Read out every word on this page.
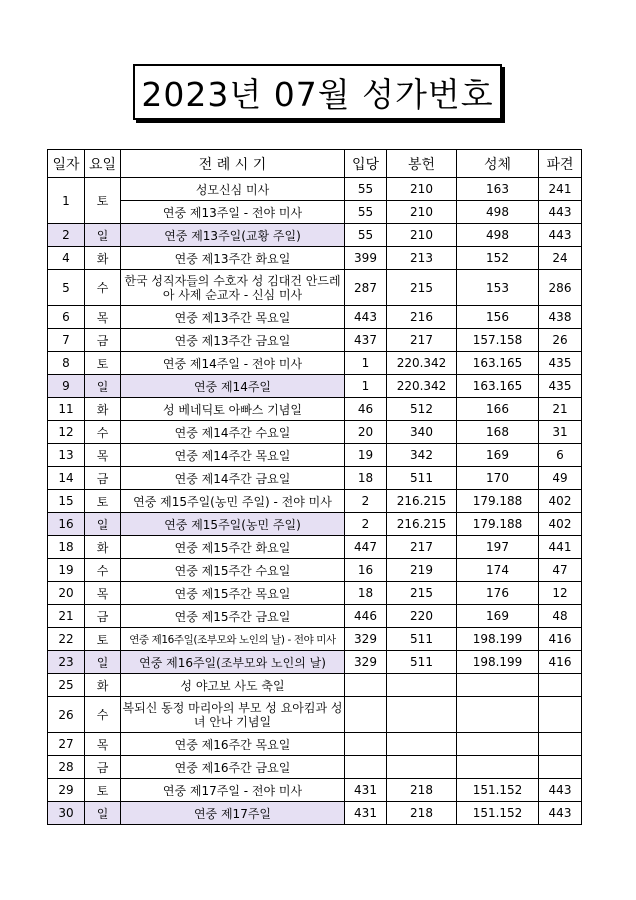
2023년 07월 성가번호
일자	요일	전 례 시 기	입당	봉헌	성체	파견
1	토	성모신심 미사	55	210	163	241
		연중 제13주일 - 전야 미사	55	210	498	443
2	일	연중 제13주일(교황 주일)	55	210	498	443
4	화	연중 제13주간 화요일	399	213	152	24
5	수	한국 성직자들의 수호자 성 김대건 안드레아 사제 순교자 - 신심 미사	287	215	153	286
6	목	연중 제13주간 목요일	443	216	156	438
7	금	연중 제13주간 금요일	437	217	157.158	26
8	토	연중 제14주일 - 전야 미사	1	220.342	163.165	435
9	일	연중 제14주일	1	220.342	163.165	435
11	화	성 베네딕토 아빠스 기념일	46	512	166	21
12	수	연중 제14주간 수요일	20	340	168	31
13	목	연중 제14주간 목요일	19	342	169	6
14	금	연중 제14주간 금요일	18	511	170	49
15	토	연중 제15주일(농민 주일) - 전야 미사	2	216.215	179.188	402
16	일	연중 제15주일(농민 주일)	2	216.215	179.188	402
18	화	연중 제15주간 화요일	447	217	197	441
19	수	연중 제15주간 수요일	16	219	174	47
20	목	연중 제15주간 목요일	18	215	176	12
21	금	연중 제15주간 금요일	446	220	169	48
22	토	연중 제16주일(조부모와 노인의 날) - 전야 미사	329	511	198.199	416
23	일	연중 제16주일(조부모와 노인의 날)	329	511	198.199	416
25	화	성 야고보 사도 축일				
26	수	복되신 동정 마리아의 부모 성 요아킴과 성녀 안나 기념일				
27	목	연중 제16주간 목요일				
28	금	연중 제16주간 금요일				
29	토	연중 제17주일 - 전야 미사	431	218	151.152	443
30	일	연중 제17주일	431	218	151.152	443
